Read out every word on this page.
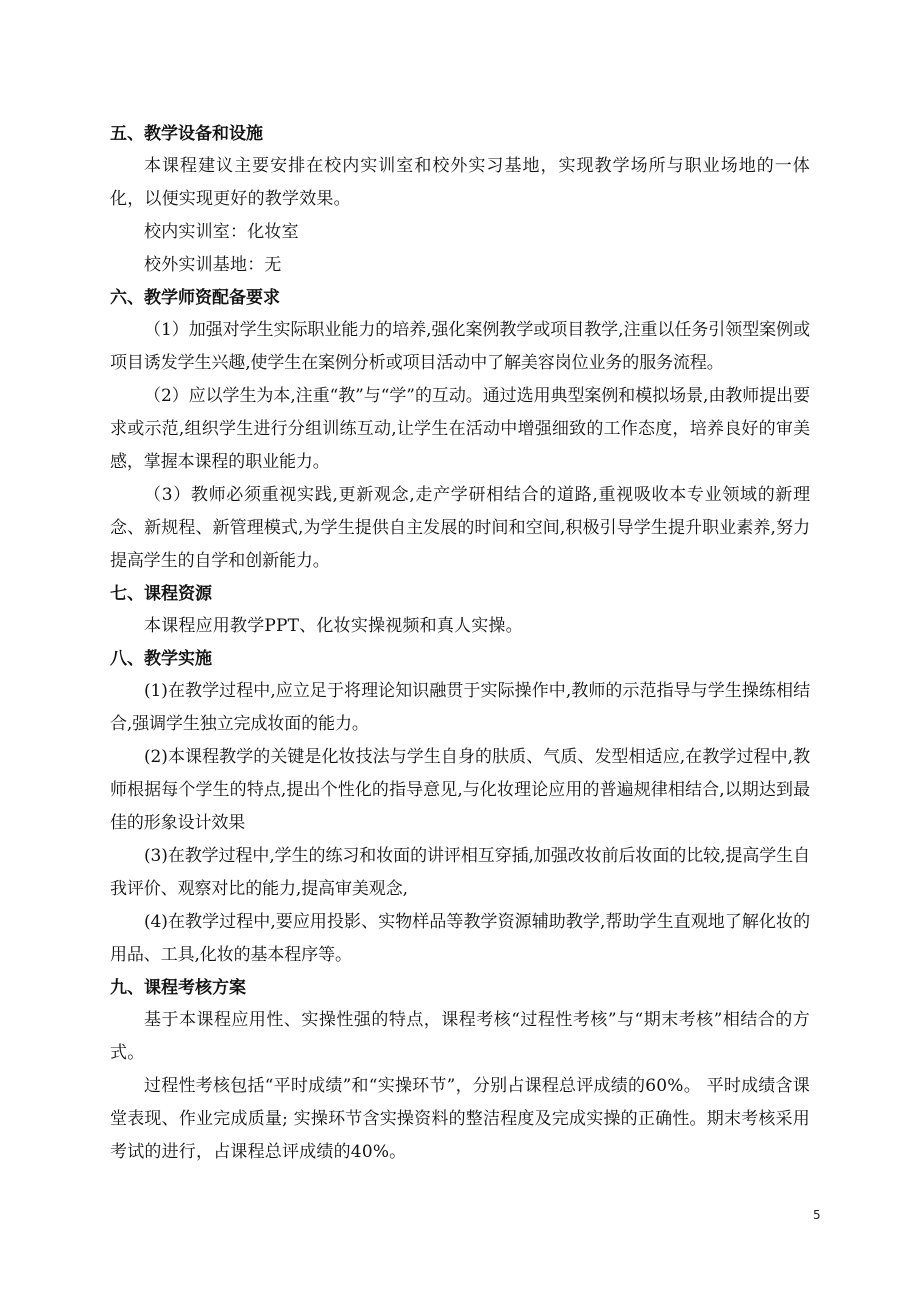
五、教学设备和设施

本课程建议主要安排在校内实训室和校外实习基地，实现教学场所与职业场地的一体化，以便实现更好的教学效果。

校内实训室：化妆室

校外实训基地：无

六、教学师资配备要求

（1）加强对学生实际职业能力的培养,强化案例教学或项目教学,注重以任务引领型案例或项目诱发学生兴趣,使学生在案例分析或项目活动中了解美容岗位业务的服务流程。

（2）应以学生为本,注重“教”与“学”的互动。通过选用典型案例和模拟场景,由教师提出要求或示范,组织学生进行分组训练互动,让学生在活动中增强细致的工作态度，培养良好的审美感，掌握本课程的职业能力。

（3）教师必须重视实践,更新观念,走产学研相结合的道路,重视吸收本专业领域的新理念、新规程、新管理模式,为学生提供自主发展的时间和空间,积极引导学生提升职业素养,努力提高学生的自学和创新能力。

七、课程资源

本课程应用教学PPT、化妆实操视频和真人实操。

八、教学实施

(1)在教学过程中,应立足于将理论知识融贯于实际操作中,教师的示范指导与学生操练相结合,强调学生独立完成妆面的能力。

(2)本课程教学的关键是化妆技法与学生自身的肤质、气质、发型相适应,在教学过程中,教师根据每个学生的特点,提出个性化的指导意见,与化妆理论应用的普遍规律相结合,以期达到最佳的形象设计效果

(3)在教学过程中,学生的练习和妆面的讲评相互穿插,加强改妆前后妆面的比较,提高学生自我评价、观察对比的能力,提高审美观念,

(4)在教学过程中,要应用投影、实物样品等教学资源辅助教学,帮助学生直观地了解化妆的用品、工具,化妆的基本程序等。

九、课程考核方案

基于本课程应用性、实操性强的特点，课程考核“过程性考核”与“期末考核”相结合的方式。

过程性考核包括“平时成绩”和“实操环节”，分别占课程总评成绩的60%。 平时成绩含课堂表现、作业完成质量; 实操环节含实操资料的整洁程度及完成实操的正确性。期末考核采用考试的进行，占课程总评成绩的40%。

5
